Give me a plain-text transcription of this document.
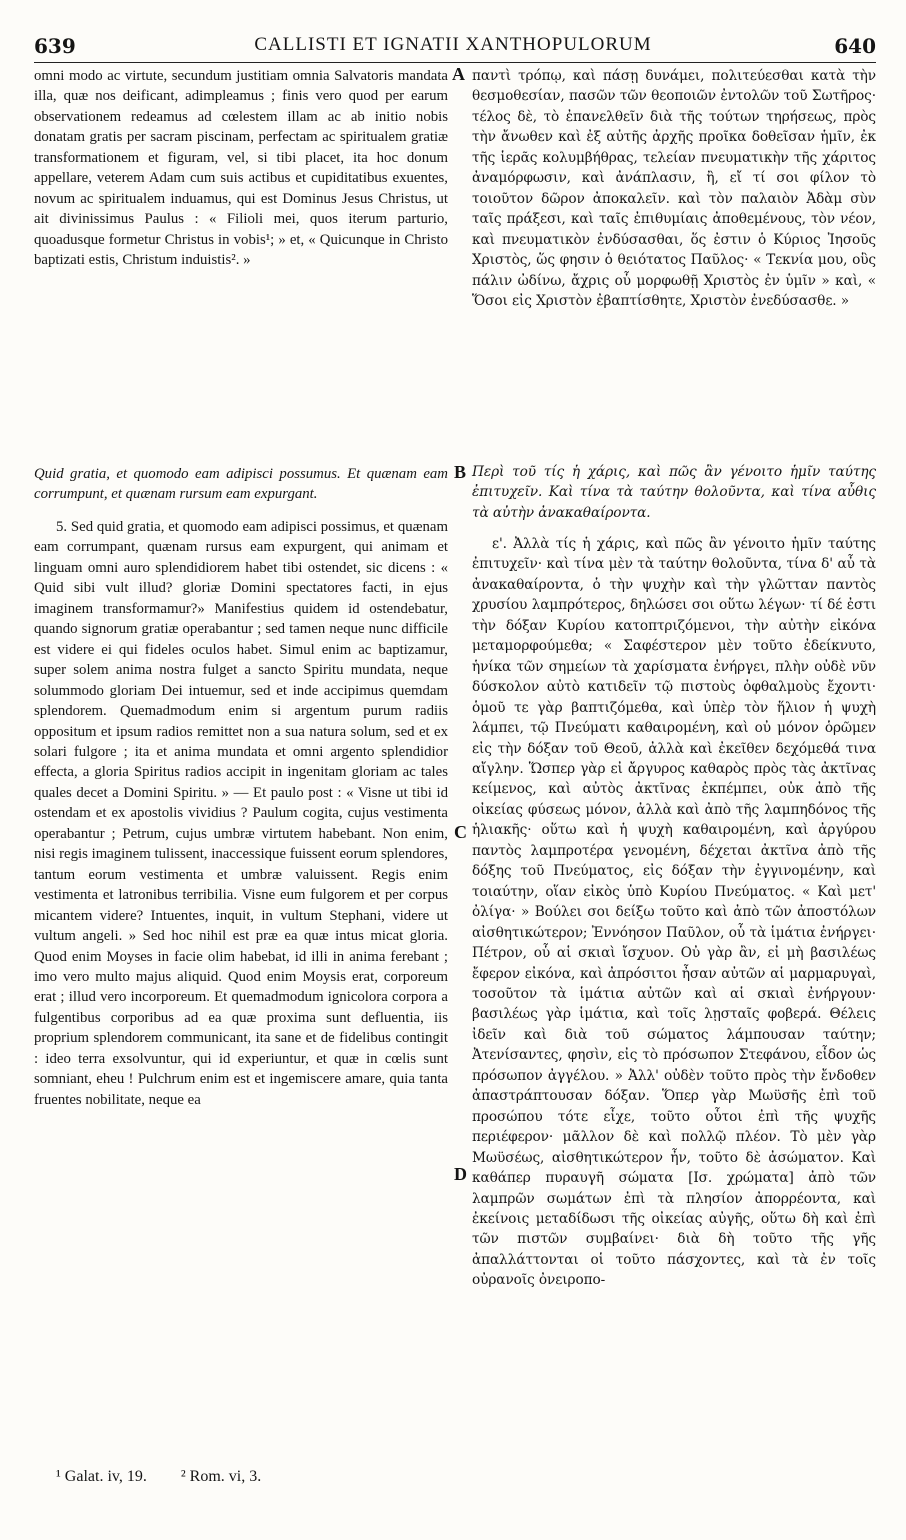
639	CALLISTI ET IGNATII XANTHOPULORUM	640

omni modo ac virtute, secundum justitiam omnia Salvatoris mandata illa, quæ nos deificant, adimpleamus ; finis vero quod per earum observationem redeamus ad cœlestem illam ac ab initio nobis donatam gratis per sacram piscinam, perfectam ac spiritualem gratiæ transformationem et figuram, vel, si tibi placet, ita hoc donum appellare, veterem Adam cum suis actibus et cupiditatibus exuentes, novum ac spiritualem induamus, qui est Dominus Jesus Christus, ut ait divinissimus Paulus : « Filioli mei, quos iterum parturio, quoadusque formetur Christus in vobis¹; » et, « Quicunque in Christo baptizati estis, Christum induistis². »

Quid gratia, et quomodo eam adipisci possumus. Et quænam eam corrumpunt, et quænam rursum eam expurgant.

5. Sed quid gratia, et quomodo eam adipisci possimus, et quænam eam corrumpant, quænam rursus eam expurgent, qui animam et linguam omni auro splendidiorem habet tibi ostendet, sic dicens : « Quid sibi vult illud? gloriæ Domini spectatores facti, in ejus imaginem transformamur?» Manifestius quidem id ostendebatur, quando signorum gratiæ operabantur ; sed tamen neque nunc difficile est videre ei qui fideles oculos habet. Simul enim ac baptizamur, super solem anima nostra fulget a sancto Spiritu mundata, neque solummodo gloriam Dei intuemur, sed et inde accipimus quemdam splendorem. Quemadmodum enim si argentum purum radiis oppositum et ipsum radios remittet non a sua natura solum, sed et ex solari fulgore ; ita et anima mundata et omni argento splendidior effecta, a gloria Spiritus radios accipit in ingenitam gloriam ac tales quales decet a Domini Spiritu. » — Et paulo post : « Visne ut tibi id ostendam et ex apostolis vividius ? Paulum cogita, cujus vestimenta operabantur ; Petrum, cujus umbræ virtutem habebant. Non enim, nisi regis imaginem tulissent, inaccessique fuissent eorum splendores, tantum eorum vestimenta et umbræ valuissent. Regis enim vestimenta et latronibus terribilia. Visne eum fulgorem et per corpus micantem videre? Intuentes, inquit, in vultum Stephani, videre ut vultum angeli. » Sed hoc nihil est præ ea quæ intus micat gloria. Quod enim Moyses in facie olim habebat, id illi in anima ferebant ; imo vero multo majus aliquid. Quod enim Moysis erat, corporeum erat ; illud vero incorporeum. Et quemadmodum ignicolora corpora a fulgentibus corporibus ad ea quæ proxima sunt defluentia, iis proprium splendorem communicant, ita sane et de fidelibus contingit : ideo terra exsolvuntur, qui id experiuntur, et quæ in cœlis sunt somniant, eheu ! Pulchrum enim est et ingemiscere amare, quia tanta fruentes nobilitate, neque ea

A
B
C
D

παντὶ τρόπῳ, καὶ πάσῃ δυνάμει, πολιτεύεσθαι κατὰ τὴν θεσμοθεσίαν, πασῶν τῶν θεοποιῶν ἐντολῶν τοῦ Σωτῆρος· τέλος δὲ, τὸ ἐπανελθεῖν διὰ τῆς τούτων τηρήσεως, πρὸς τὴν ἄνωθεν καὶ ἐξ αὐτῆς ἀρχῆς προῖκα δοθεῖσαν ἡμῖν, ἐκ τῆς ἱερᾶς κολυμβήθρας, τελείαν πνευματικὴν τῆς χάριτος ἀναμόρφωσιν, καὶ ἀνάπλασιν, ἢ, εἴ τί σοι φίλον τὸ τοιοῦτον δῶρον ἀποκαλεῖν. καὶ τὸν παλαιὸν Ἀδὰμ σὺν ταῖς πράξεσι, καὶ ταῖς ἐπιθυμίαις ἀποθεμένους, τὸν νέον, καὶ πνευματικὸν ἐνδύσασθαι, ὅς ἐστιν ὁ Κύριος Ἰησοῦς Χριστὸς, ὥς φησιν ὁ θειότατος Παῦλος· « Τεκνία μου, οὓς πάλιν ὠδίνω, ἄχρις οὗ μορφωθῇ Χριστὸς ἐν ὑμῖν » καὶ, « Ὅσοι εἰς Χριστὸν ἐβαπτίσθητε, Χριστὸν ἐνεδύσασθε. »

Περὶ τοῦ τίς ἡ χάρις, καὶ πῶς ἂν γένοιτο ἡμῖν ταύτης ἐπιτυχεῖν. Καὶ τίνα τὰ ταύτην θολοῦντα, καὶ τίνα αὖθις τὰ αὐτὴν ἀνακαθαίροντα.

ε'. Ἀλλὰ τίς ἡ χάρις, καὶ πῶς ἂν γένοιτο ἡμῖν ταύτης ἐπιτυχεῖν· καὶ τίνα μὲν τὰ ταύτην θολοῦντα, τίνα δ' αὖ τὰ ἀνακαθαίροντα, ὁ τὴν ψυχὴν καὶ τὴν γλῶτταν παντὸς χρυσίου λαμπρότερος, δηλώσει σοι οὕτω λέγων· τί δέ ἐστι τὴν δόξαν Κυρίου κατοπτριζόμενοι, τὴν αὐτὴν εἰκόνα μεταμορφούμεθα; « Σαφέστερον μὲν τοῦτο ἐδείκνυτο, ἡνίκα τῶν σημείων τὰ χαρίσματα ἐνήργει, πλὴν οὐδὲ νῦν δύσκολον αὐτὸ κατιδεῖν τῷ πιστοὺς ὀφθαλμοὺς ἔχοντι· ὁμοῦ τε γὰρ βαπτιζόμεθα, καὶ ὑπὲρ τὸν ἥλιον ἡ ψυχὴ λάμπει, τῷ Πνεύματι καθαιρομένη, καὶ οὐ μόνον ὁρῶμεν εἰς τὴν δόξαν τοῦ Θεοῦ, ἀλλὰ καὶ ἐκεῖθεν δεχόμεθά τινα αἴγλην. Ὥσπερ γὰρ εἰ ἄργυρος καθαρὸς πρὸς τὰς ἀκτῖνας κείμενος, καὶ αὐτὸς ἀκτῖνας ἐκπέμπει, οὐκ ἀπὸ τῆς οἰκείας φύσεως μόνον, ἀλλὰ καὶ ἀπὸ τῆς λαμπηδόνος τῆς ἡλιακῆς· οὕτω καὶ ἡ ψυχὴ καθαιρομένη, καὶ ἀργύρου παντὸς λαμπροτέρα γενομένη, δέχεται ἀκτῖνα ἀπὸ τῆς δόξης τοῦ Πνεύματος, εἰς δόξαν τὴν ἐγγινομένην, καὶ τοιαύτην, οἵαν εἰκὸς ὑπὸ Κυρίου Πνεύματος. « Καὶ μετ' ὀλίγα· » Βούλει σοι δείξω τοῦτο καὶ ἀπὸ τῶν ἀποστόλων αἰσθητικώτερον; Ἐννόησον Παῦλον, οὗ τὰ ἱμάτια ἐνήργει· Πέτρον, οὗ αἱ σκιαὶ ἴσχυον. Οὐ γὰρ ἂν, εἰ μὴ βασιλέως ἔφερον εἰκόνα, καὶ ἀπρόσιτοι ἦσαν αὐτῶν αἱ μαρμαρυγαὶ, τοσοῦτον τὰ ἱμάτια αὐτῶν καὶ αἱ σκιαὶ ἐνήργουν· βασιλέως γὰρ ἱμάτια, καὶ τοῖς λῃσταῖς φοβερά. Θέλεις ἰδεῖν καὶ διὰ τοῦ σώματος λάμπουσαν ταύτην; Ἀτενίσαντες, φησὶν, εἰς τὸ πρόσωπον Στεφάνου, εἶδον ὡς πρόσωπον ἀγγέλου. » Ἀλλ' οὐδὲν τοῦτο πρὸς τὴν ἔνδοθεν ἀπαστράπτουσαν δόξαν. Ὅπερ γὰρ Μωϋσῆς ἐπὶ τοῦ προσώπου τότε εἶχε, τοῦτο οὗτοι ἐπὶ τῆς ψυχῆς περιέφερον· μᾶλλον δὲ καὶ πολλῷ πλέον. Τὸ μὲν γὰρ Μωϋσέως, αἰσθητικώτερον ἦν, τοῦτο δὲ ἀσώματον. Καὶ καθάπερ πυραυγῆ σώματα [Ισ. χρώματα] ἀπὸ τῶν λαμπρῶν σωμάτων ἐπὶ τὰ πλησίον ἀπορρέοντα, καὶ ἐκείνοις μεταδίδωσι τῆς οἰκείας αὐγῆς, οὕτω δὴ καὶ ἐπὶ τῶν πιστῶν συμβαίνει· διὰ δὴ τοῦτο τῆς γῆς ἀπαλλάττονται οἱ τοῦτο πάσχοντες, καὶ τὰ ἐν τοῖς οὐρανοῖς ὀνειροπο-

¹ Galat. iv, 19. ² Rom. vi, 3.
